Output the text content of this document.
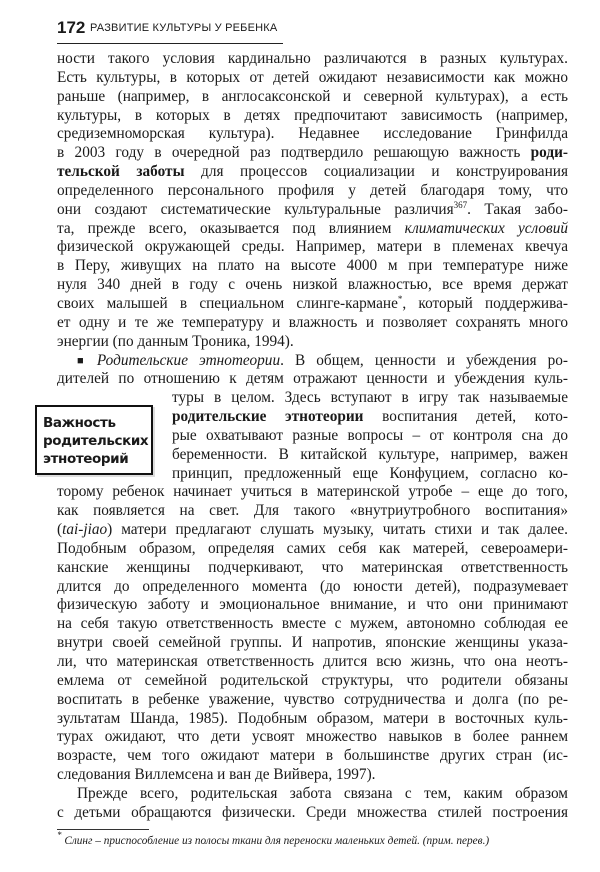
172 РАЗВИТИЕ КУЛЬТУРЫ У РЕБЕНКА
ности такого условия кардинально различаются в разных культурах.
Есть культуры, в которых от детей ожидают независимости как можно
раньше (например, в англосаксонской и северной культурах), а есть
культуры, в которых в детях предпочитают зависимость (например,
средиземноморская культура). Недавнее исследование Гринфилда
в 2003 году в очередной раз подтвердило решающую важность роди-
тельской заботы для процессов социализации и конструирования
определенного персонального профиля у детей благодаря тому, что
они создают систематические культуральные различия$^{367}$. Такая забо-
та, прежде всего, оказывается под влиянием климатических условий
физической окружающей среды. Например, матери в племенах квечуа
в Перу, живущих на плато на высоте 4000 м при температуре ниже
нуля 340 дней в году с очень низкой влажностью, все время держат
своих малышей в специальном слинге-кармане*, который поддержива-
ет одну и те же температуру и влажность и позволяет сохранять много
энергии (по данным Троника, 1994).
■ Родительские этнотеории. В общем, ценности и убеждения ро-
дителей по отношению к детям отражают ценности и убеждения куль-
туры в целом. Здесь вступают в игру так называемые
родительские этнотеории воспитания детей, кото-
рые охватывают разные вопросы – от контроля сна до
беременности. В китайской культуре, например, важен
принцип, предложенный еще Конфуцием, согласно ко-
торому ребенок начинает учиться в материнской утробе – еще до того,
как появляется на свет. Для такого «внутриутробного воспитания»
(tai-jiao) матери предлагают слушать музыку, читать стихи и так далее.
Подобным образом, определяя самих себя как матерей, североамери-
канские женщины подчеркивают, что материнская ответственность
длится до определенного момента (до юности детей), подразумевает
физическую заботу и эмоциональное внимание, и что они принимают
на себя такую ответственность вместе с мужем, автономно соблюдая ее
внутри своей семейной группы. И напротив, японские женщины указа-
ли, что материнская ответственность длится всю жизнь, что она неотъ-
емлема от семейной родительской структуры, что родители обязаны
воспитать в ребенке уважение, чувство сотрудничества и долга (по ре-
зультатам Шанда, 1985). Подобным образом, матери в восточных куль-
турах ожидают, что дети усвоят множество навыков в более раннем
возрасте, чем того ожидают матери в большинстве других стран (ис-
следования Виллемсена и ван де Вийвера, 1997).
Прежде всего, родительская забота связана с тем, каким образом
с детьми обращаются физически. Среди множества стилей построения
Важность
родительских
этнотеорий
* Слинг – приспособление из полосы ткани для переноски маленьких детей. (прим. перев.)
